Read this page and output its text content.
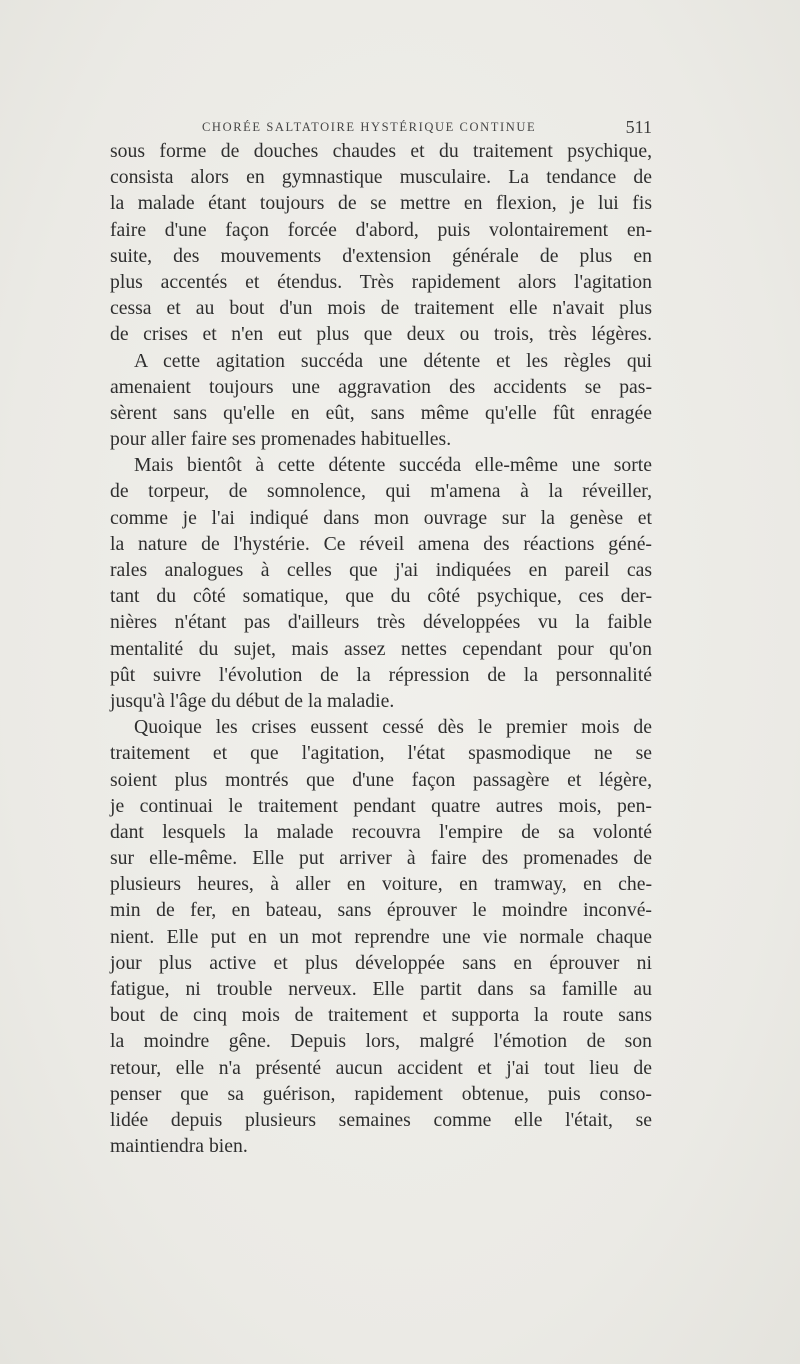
CHORÉE SALTATOIRE HYSTÉRIQUE CONTINUE	511
sous forme de douches chaudes et du traitement psychique,
consista alors en gymnastique musculaire. La tendance de
la malade étant toujours de se mettre en flexion, je lui fis
faire d'une façon forcée d'abord, puis volontairement en-
suite, des mouvements d'extension générale de plus en
plus accentés et étendus. Très rapidement alors l'agitation
cessa et au bout d'un mois de traitement elle n'avait plus
de crises et n'en eut plus que deux ou trois, très légères.
A cette agitation succéda une détente et les règles qui
amenaient toujours une aggravation des accidents se pas-
sèrent sans qu'elle en eût, sans même qu'elle fût enragée
pour aller faire ses promenades habituelles.
Mais bientôt à cette détente succéda elle-même une sorte
de torpeur, de somnolence, qui m'amena à la réveiller,
comme je l'ai indiqué dans mon ouvrage sur la genèse et
la nature de l'hystérie. Ce réveil amena des réactions géné-
rales analogues à celles que j'ai indiquées en pareil cas
tant du côté somatique, que du côté psychique, ces der-
nières n'étant pas d'ailleurs très développées vu la faible
mentalité du sujet, mais assez nettes cependant pour qu'on
pût suivre l'évolution de la répression de la personnalité
jusqu'à l'âge du début de la maladie.
Quoique les crises eussent cessé dès le premier mois de
traitement et que l'agitation, l'état spasmodique ne se
soient plus montrés que d'une façon passagère et légère,
je continuai le traitement pendant quatre autres mois, pen-
dant lesquels la malade recouvra l'empire de sa volonté
sur elle-même. Elle put arriver à faire des promenades de
plusieurs heures, à aller en voiture, en tramway, en che-
min de fer, en bateau, sans éprouver le moindre inconvé-
nient. Elle put en un mot reprendre une vie normale chaque
jour plus active et plus développée sans en éprouver ni
fatigue, ni trouble nerveux. Elle partit dans sa famille au
bout de cinq mois de traitement et supporta la route sans
la moindre gêne. Depuis lors, malgré l'émotion de son
retour, elle n'a présenté aucun accident et j'ai tout lieu de
penser que sa guérison, rapidement obtenue, puis conso-
lidée depuis plusieurs semaines comme elle l'était, se
maintiendra bien.
